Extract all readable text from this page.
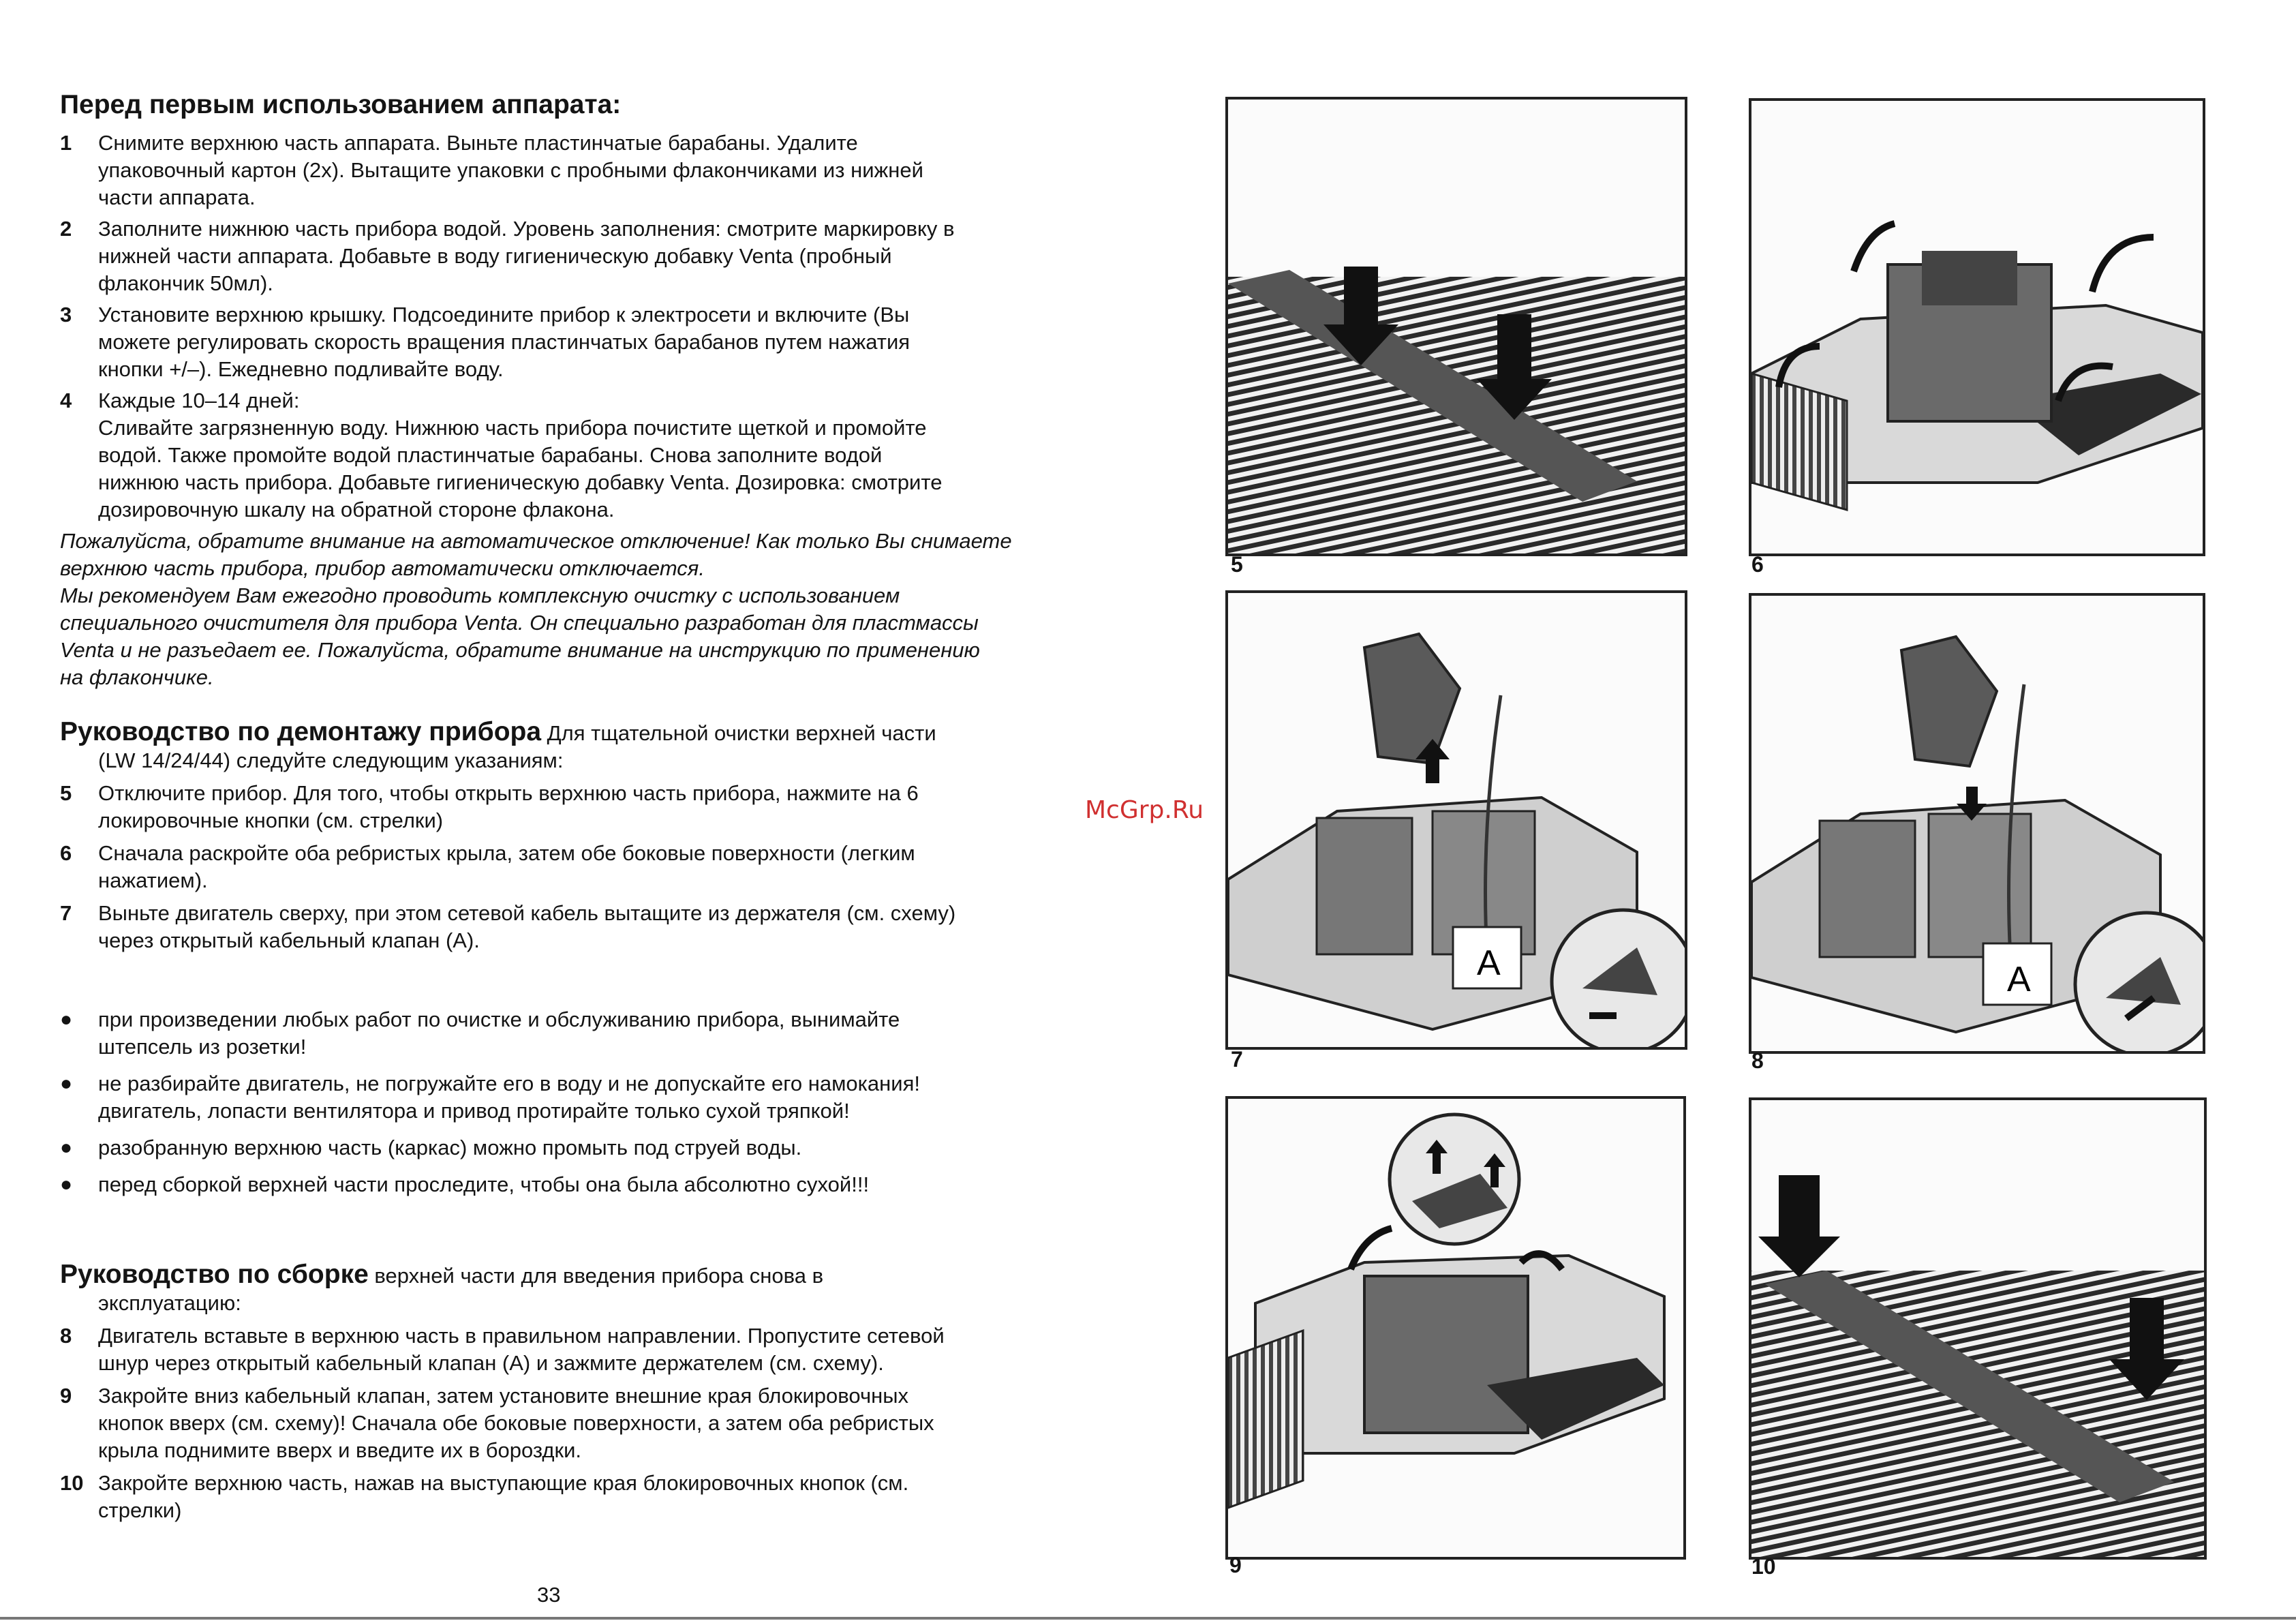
Перед первым использованием аппарата:
1	Снимите верхнюю часть аппарата. Выньте пластинчатые барабаны. Удалите
упаковочный картон (2x). Вытащите упаковки с пробными флакончиками из нижней
части аппарата.
2	Заполните нижнюю часть прибора водой. Уровень заполнения: смотрите маркировку в
нижней части аппарата. Добавьте в воду гигиеническую добавку Venta (пробный
флакончик 50мл).
3	Установите верхнюю крышку. Подсоедините прибор к электросети и включите (Вы
можете регулировать скорость вращения пластинчатых барабанов путем нажатия
кнопки +/–). Ежедневно подливайте воду.
4	Каждые 10–14 дней:
Сливайте загрязненную воду. Нижнюю часть прибора почистите щеткой и промойте
водой. Также промойте водой пластинчатые барабаны. Снова заполните водой
нижнюю часть прибора. Добавьте гигиеническую добавку Venta. Дозировка: смотрите
дозировочную шкалу на обратной стороне флакона.
Пожалуйста, обратите внимание на автоматическое отключение! Как только Вы снимаете
верхнюю часть прибора, прибор автоматически отключается.
Мы рекомендуем Вам ежегодно проводить комплексную очистку с использованием
специального очистителя для прибора Venta. Он специально разработан для пластмассы
Venta и не разъедает ее. Пожалуйста, обратите внимание на инструкцию по применению
на флакончике.
Руководство по демонтажу прибора Для тщательной очистки верхней части
(LW 14/24/44) следуйте следующим указаниям:
5	Отключите прибор. Для того, чтобы открыть верхнюю часть прибора, нажмите на 6
локировочные кнопки (см. стрелки)
6	Сначала раскройте оба ребристых крыла, затем обе боковые поверхности (легким
нажатием).
7	Выньте двигатель сверху, при этом сетевой кабель вытащите из держателя (см. схему)
через открытый кабельный клапан (A).
●	при произведении любых работ по очистке и обслуживанию прибора, вынимайте
штепсель из розетки!
●	не разбирайте двигатель, не погружайте его в воду и не допускайте его намокания!
двигатель, лопасти вентилятора и привод протирайте только сухой тряпкой!
●	разобранную верхнюю часть (каркас) можно промыть под струей воды.
●	перед сборкой верхней части проследите, чтобы она была абсолютно сухой!!!
Руководство по сборке верхней части для введения прибора снова в
эксплуатацию:
8	Двигатель вставьте в верхнюю часть в правильном направлении. Пропустите сетевой
шнур через открытый кабельный клапан (A) и зажмите держателем (см. схему).
9	Закройте вниз кабельный клапан, затем установите внешние края блокировочных
кнопок вверх (см. схему)! Сначала обе боковые поверхности, а затем оба ребристых
крыла поднимите вверх и введите их в бороздки.
10 Закройте верхнюю часть, нажав на выступающие края блокировочных кнопок (см.
стрелки)
33
McGrp.Ru
5	6
A
7
A
8
9	10
